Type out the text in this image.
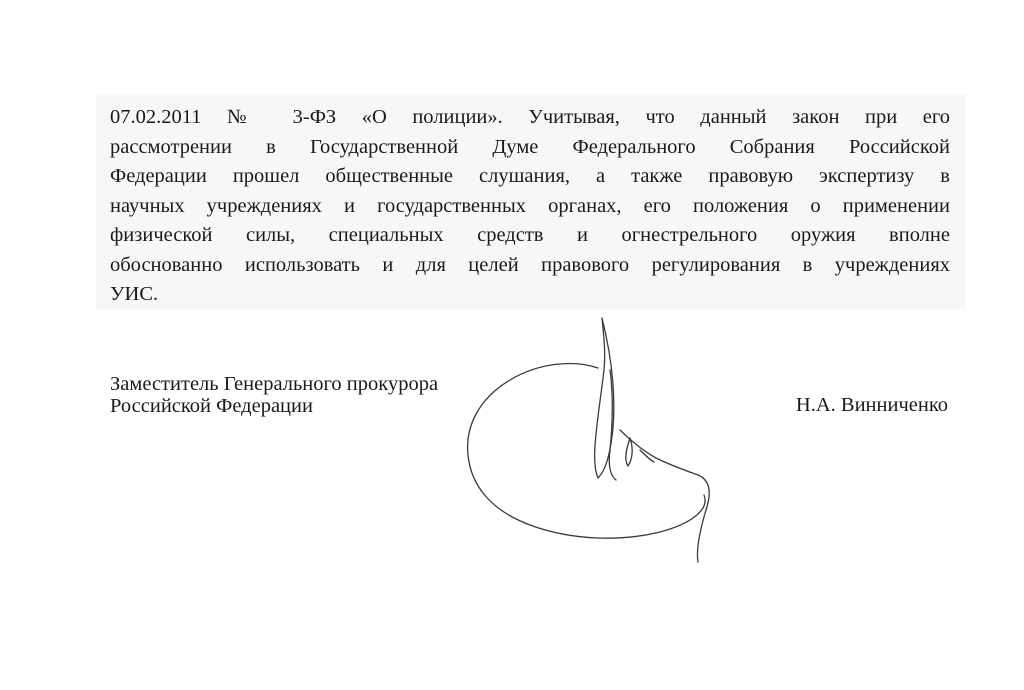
07.02.2011 № 3-ФЗ «О полиции». Учитывая, что данный закон при его
рассмотрении в Государственной Думе Федерального Собрания Российской
Федерации прошел общественные слушания, а также правовую экспертизу в
научных учреждениях и государственных органах, его положения о применении
физической силы, специальных средств и огнестрельного оружия вполне
обоснованно использовать и для целей правового регулирования в учреждениях
УИС.
Заместитель Генерального прокурора
Российской Федерации	Н.А. Винниченко
